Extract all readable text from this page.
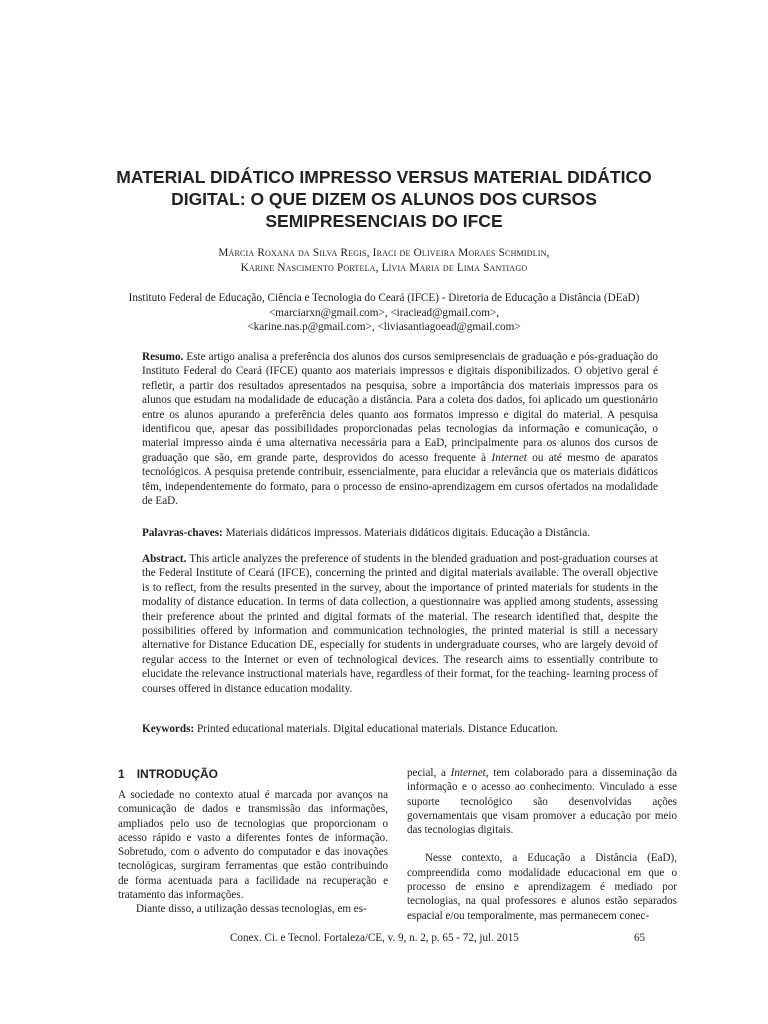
MATERIAL DIDÁTICO IMPRESSO VERSUS MATERIAL DIDÁTICO
DIGITAL: O QUE DIZEM OS ALUNOS DOS CURSOS
SEMIPRESENCIAIS DO IFCE
Márcia Roxana da Silva Regis, Iraci de Oliveira Moraes Schmidlin,
Karine Nascimento Portela, Lívia Maria de Lima Santiago
Instituto Federal de Educação, Ciência e Tecnologia do Ceará (IFCE) - Diretoria de Educação a Distância (DEaD)
<marciarxn@gmail.com>, <iraciead@gmail.com>,
<karine.nas.p@gmail.com>, <liviasantiagoead@gmail.com>
Resumo. Este artigo analisa a preferência dos alunos dos cursos semipresenciais de graduação e pós-graduação do Instituto Federal do Ceará (IFCE) quanto aos materiais impressos e digitais disponibilizados. O objetivo geral é refletir, a partir dos resultados apresentados na pesquisa, sobre a importância dos materiais impressos para os alunos que estudam na modalidade de educação a distância. Para a coleta dos dados, foi aplicado um questionário entre os alunos apurando a preferência deles quanto aos formatos impresso e digital do material. A pesquisa identificou que, apesar das possibilidades proporcionadas pelas tecnologias da informação e comunicação, o material impresso ainda é uma alternativa necessária para a EaD, principalmente para os alunos dos cursos de graduação que são, em grande parte, desprovidos do acesso frequente à Internet ou até mesmo de aparatos tecnológicos. A pesquisa pretende contribuir, essencialmente, para elucidar a relevância que os materiais didáticos têm, independentemente do formato, para o processo de ensino-aprendizagem em cursos ofertados na modalidade de EaD.
Palavras-chaves: Materiais didáticos impressos. Materiais didáticos digitais. Educação a Distância.
Abstract. This article analyzes the preference of students in the blended graduation and post-graduation courses at the Federal Institute of Ceará (IFCE), concerning the printed and digital materials available. The overall objective is to reflect, from the results presented in the survey, about the importance of printed materials for students in the modality of distance education. In terms of data collection, a questionnaire was applied among students, assessing their preference about the printed and digital formats of the material. The research identified that, despite the possibilities offered by information and communication technologies, the printed material is still a necessary alternative for Distance Education DE, especially for students in undergraduate courses, who are largely devoid of regular access to the Internet or even of technological devices. The research aims to essentially contribute to elucidate the relevance instructional materials have, regardless of their format, for the teaching- learning process of courses offered in distance education modality.
Keywords: Printed educational materials. Digital educational materials. Distance Education.
1 INTRODUÇÃO

A sociedade no contexto atual é marcada por avanços na comunicação de dados e transmissão das informações, ampliados pelo uso de tecnologias que proporcionam o acesso rápido e vasto a diferentes fontes de informação. Sobretudo, com o advento do computador e das inovações tecnológicas, surgiram ferramentas que estão contribuindo de forma acentuada para a facilidade na recuperação e tratamento das informações.

Diante disso, a utilização dessas tecnologias, em es-

pecial, a Internet, tem colaborado para a disseminação da informação e o acesso ao conhecimento. Vinculado a esse suporte tecnológico são desenvolvidas ações governamentais que visam promover a educação por meio das tecnologias digitais.

Nesse contexto, a Educação a Distância (EaD), compreendida como modalidade educacional em que o processo de ensino e aprendizagem é mediado por tecnologias, na qual professores e alunos estão separados espacial e/ou temporalmente, mas permanecem conec-

Conex. Ci. e Tecnol. Fortaleza/CE, v. 9, n. 2, p. 65 - 72, jul. 2015	65
